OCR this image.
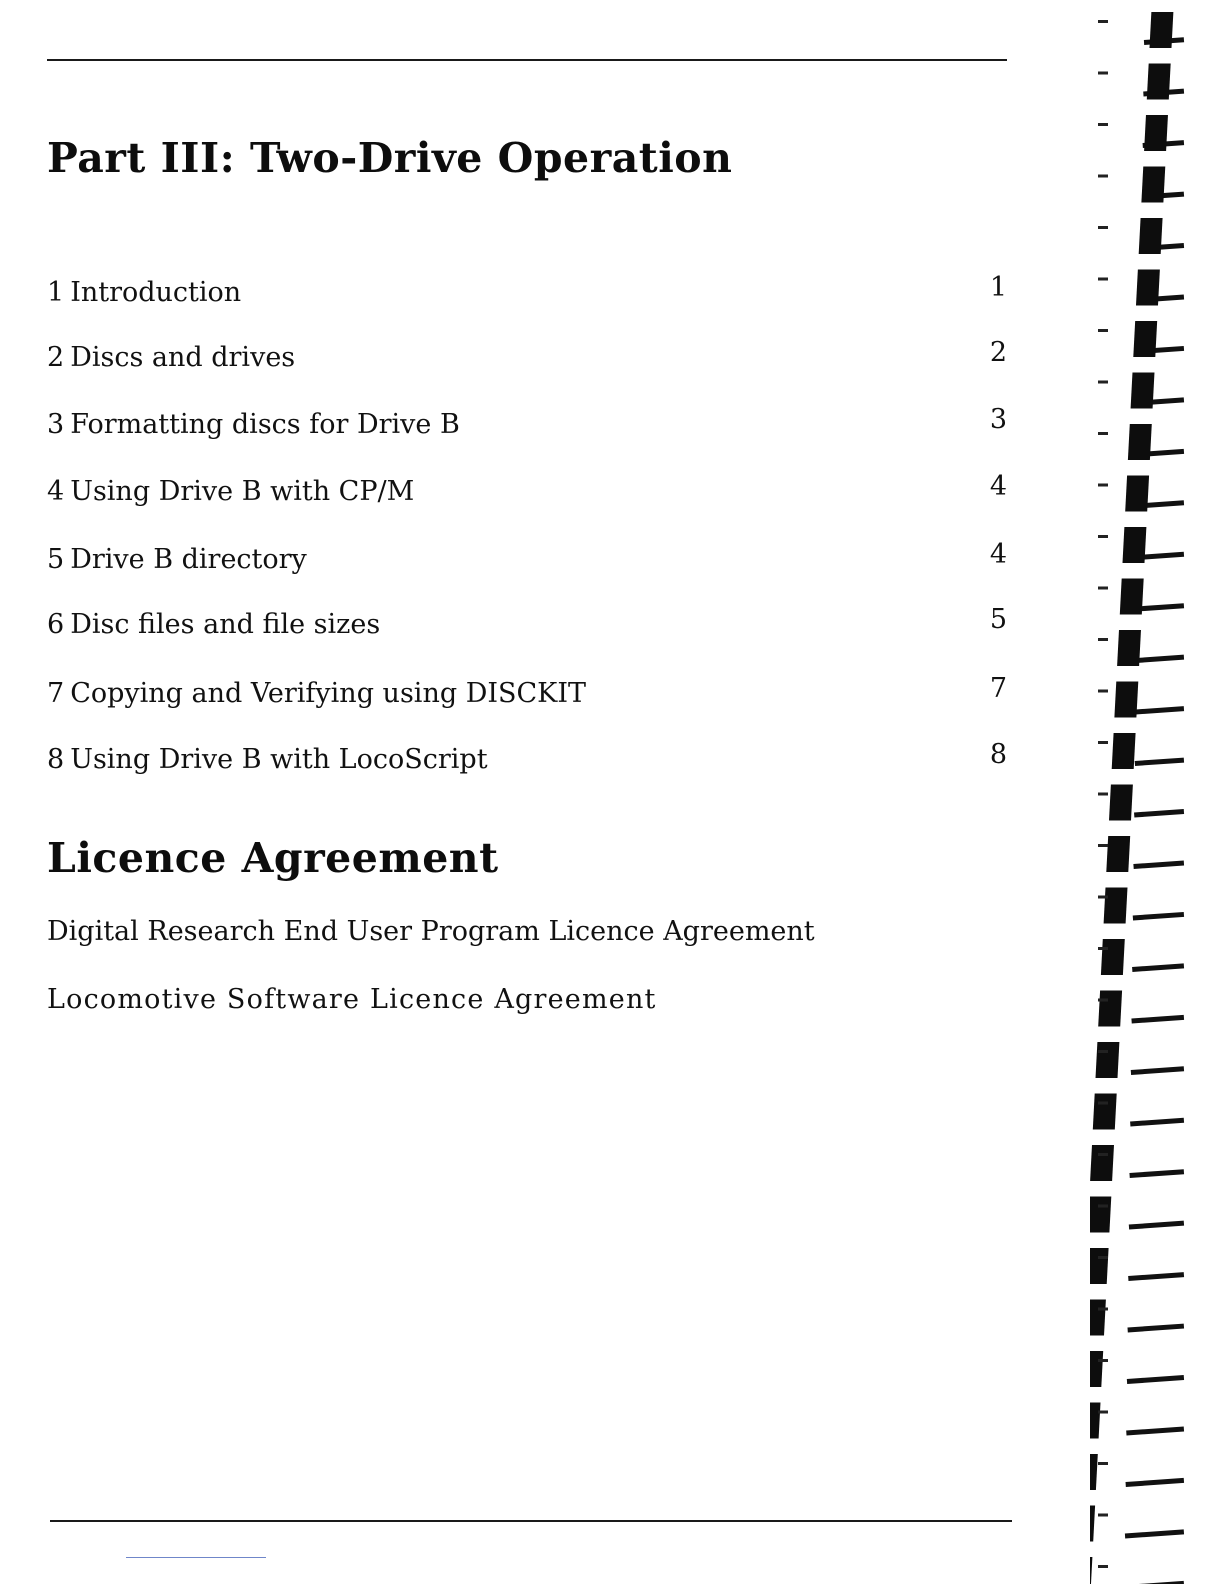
Part III: Two-Drive Operation
1 Introduction	1
2 Discs and drives	2
3 Formatting discs for Drive B	3
4 Using Drive B with CP/M	4
5 Drive B directory	4
6 Disc files and file sizes	5
7 Copying and Verifying using DISCKIT	7
8 Using Drive B with LocoScript	8
Licence Agreement
Digital Research End User Program Licence Agreement
Locomotive Software Licence Agreement
